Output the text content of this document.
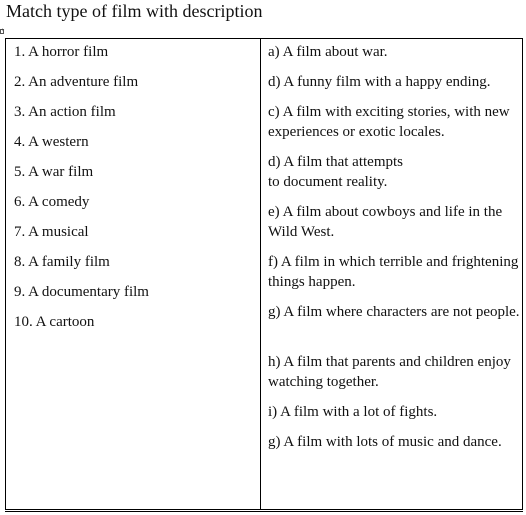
Match type of film with description
+

1. A horror film

2. An adventure film

3. An action film

4. A western

5. A war film

6. A comedy

7. A musical

8. A family film

9. A documentary film

10. A cartoon

a) A film about war.

d) A funny film with a happy ending.

c) A film with exciting stories, with new experiences or exotic locales.

d) A film that attempts
to document reality.

e) A film about cowboys and life in the Wild West.

f) A film in which terrible and frightening things happen.

g) A film where characters are not people.

h) A film that parents and children enjoy watching together.

i) A film with a lot of fights.

g) A film with lots of music and dance.
